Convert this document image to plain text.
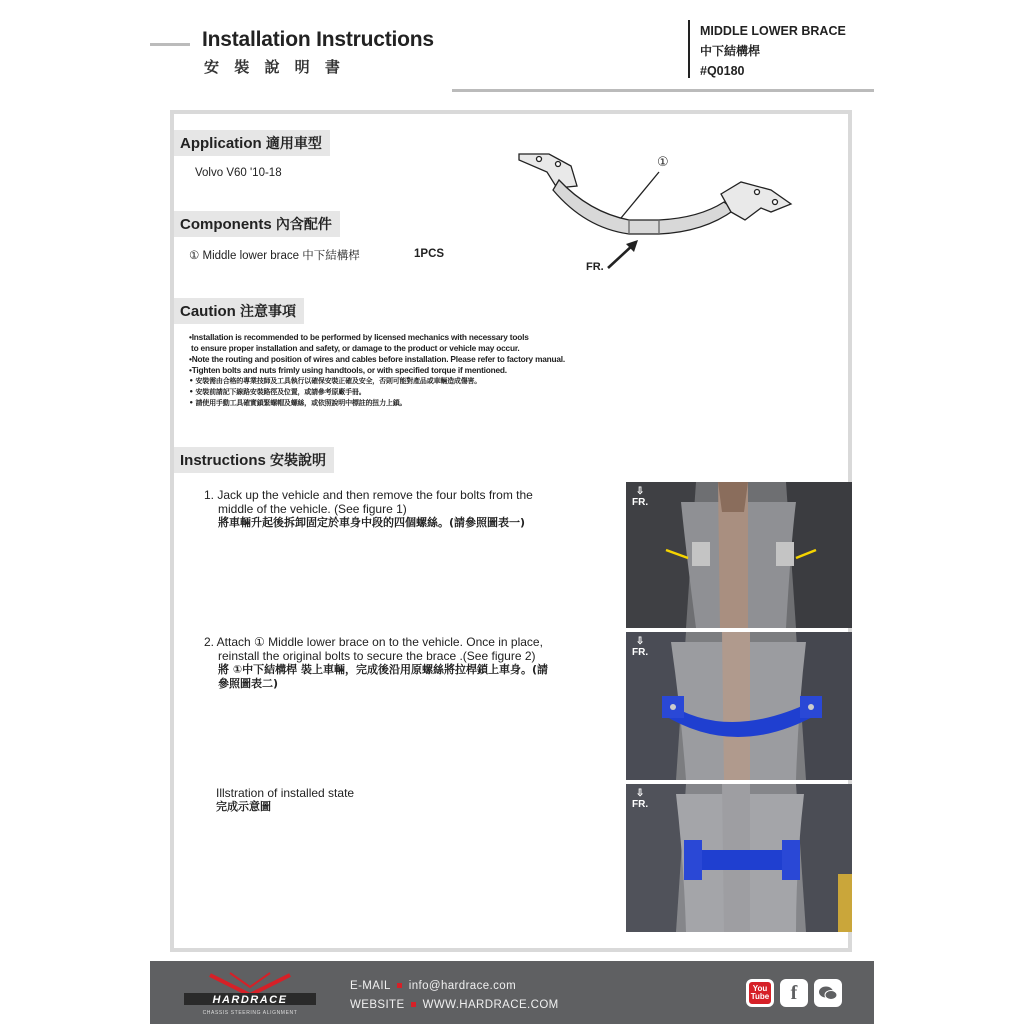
Installation Instructions
安 裝 說 明 書
MIDDLE LOWER BRACE
中下結構桿
#Q0180
Application 適用車型
Volvo V60 '10-18
Components 內含配件
① Middle lower brace 中下結構桿	1PCS
①
FR.
Caution 注意事項
•Installation is recommended to be performed by licensed mechanics with necessary tools
to ensure proper installation and safety, or damage to the product or vehicle may occur.
•Note the routing and position of wires and cables before installation. Please refer to factory manual.
•Tighten bolts and nuts frimly using handtools, or with specified torque if mentioned.
• 安裝需由合格的專業技師及工具執行以確保安裝正確及安全，否則可能對產品或車輛造成傷害。
• 安裝前請記下線路安裝路徑及位置，或請參考原廠手冊。
• 請使用手動工具確實鎖緊螺帽及螺絲，或依照說明中標註的扭力上鎖。
Instructions 安裝說明
1. Jack up the vehicle and then remove the four bolts from the
middle of the vehicle. (See figure 1)
將車輛升起後拆卸固定於車身中段的四個螺絲。(請參照圖表一)
2. Attach ① Middle lower brace on to the vehicle. Once in place,
reinstall the original bolts to secure the brace .(See figure 2)
將 ①中下結構桿 裝上車輛，完成後沿用原螺絲將拉桿鎖上車身。(請
參照圖表二)
Illstration of installed state
完成示意圖
⇩
FR.
⇩
FR.
⇩
FR.
HARDRACE
CHASSIS STEERING ALIGNMENT
E-MAIL info@hardrace.com
WEBSITE WWW.HARDRACE.COM
You
Tube	f
